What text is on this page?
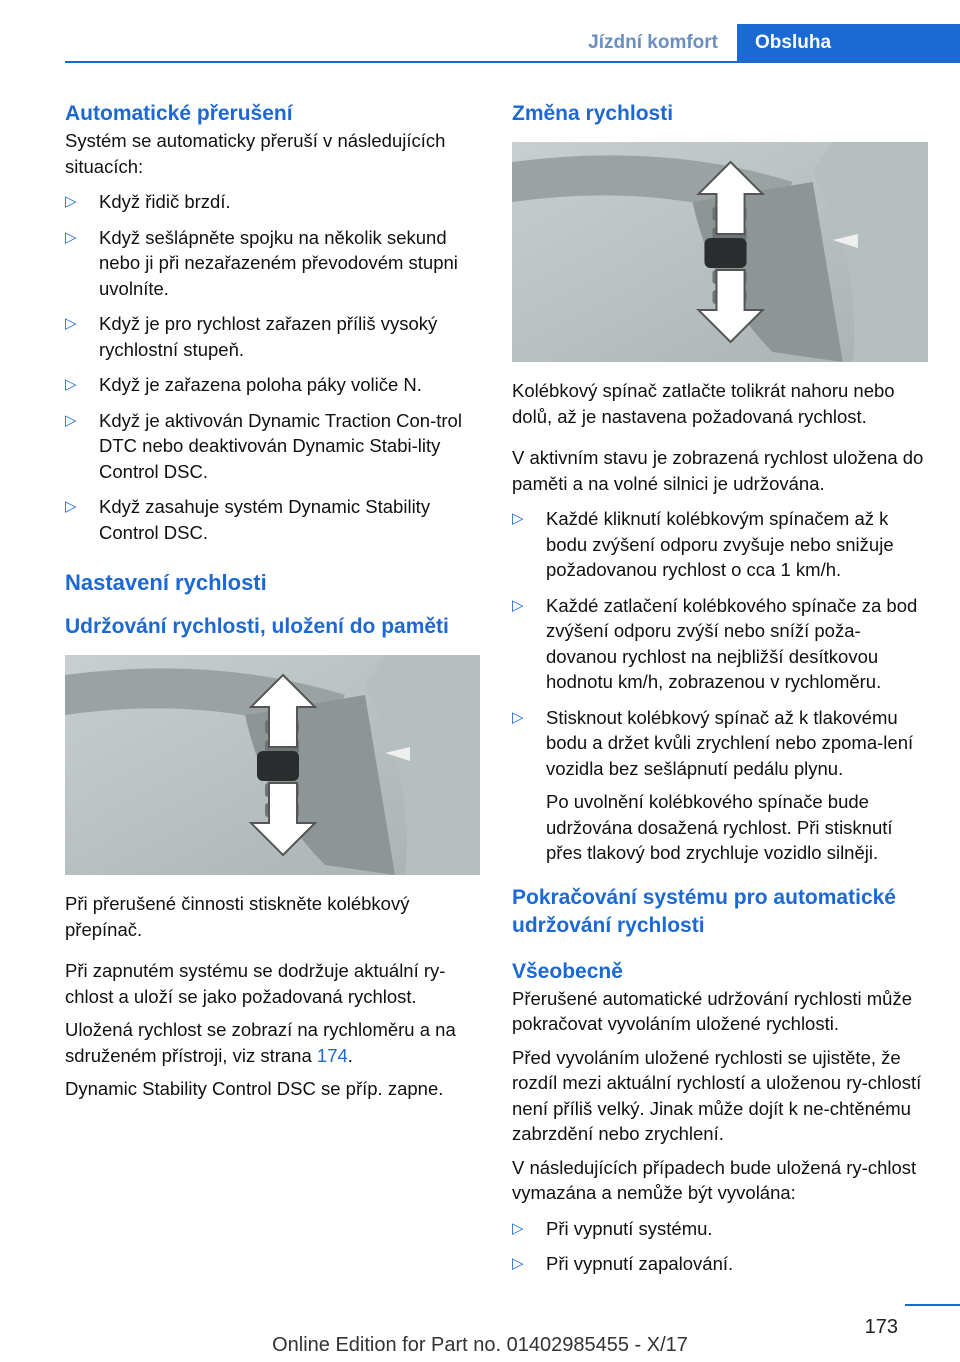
Jízdní komfort	Obsluha
Automatické přerušení

Systém se automaticky přeruší v následujících situacích:

▷ Když řidič brzdí.
▷ Když sešlápněte spojku na několik sekund nebo ji při nezařazeném převodovém stupni uvolníte.
▷ Když je pro rychlost zařazen příliš vysoký rychlostní stupeň.
▷ Když je zařazena poloha páky voliče N.
▷ Když je aktivován Dynamic Traction Con-trol DTC nebo deaktivován Dynamic Stabi-lity Control DSC.
▷ Když zasahuje systém Dynamic Stability Control DSC.
Nastavení rychlosti
Udržování rychlosti, uložení do paměti

Při přerušené činnosti stiskněte kolébkový přepínač.

Při zapnutém systému se dodržuje aktuální ry-chlost a uloží se jako požadovaná rychlost.

Uložená rychlost se zobrazí na rychloměru a na sdruženém přístroji, viz strana 174.

Dynamic Stability Control DSC se příp. zapne.

Změna rychlosti

Kolébkový spínač zatlačte tolikrát nahoru nebo dolů, až je nastavena požadovaná rychlost.

V aktivním stavu je zobrazená rychlost uložena do paměti a na volné silnici je udržována.

▷ Každé kliknutí kolébkovým spínačem až k bodu zvýšení odporu zvyšuje nebo snižuje požadovanou rychlost o cca 1 km/h.
▷ Každé zatlačení kolébkového spínače za bod zvýšení odporu zvýší nebo sníží poža-dovanou rychlost na nejbližší desítkovou hodnotu km/h, zobrazenou v rychloměru.
▷ Stisknout kolébkový spínač až k tlakovému bodu a držet kvůli zrychlení nebo zpoma-lení vozidla bez sešlápnutí pedálu plynu.
Po uvolnění kolébkového spínače bude udržována dosažená rychlost. Při stisknutí přes tlakový bod zrychluje vozidlo silněji.
Pokračování systému pro automatické udržování rychlosti
Všeobecně

Přerušené automatické udržování rychlosti může pokračovat vyvoláním uložené rychlosti.

Před vyvoláním uložené rychlosti se ujistěte, že rozdíl mezi aktuální rychlostí a uloženou ry-chlostí není příliš velký. Jinak může dojít k ne-chtěnému zabrzdění nebo zrychlení.

V následujících případech bude uložená ry-chlost vymazána a nemůže být vyvolána:

▷ Při vypnutí systému.
▷ Při vypnutí zapalování.
173
Online Edition for Part no. 01402985455 - X/17
